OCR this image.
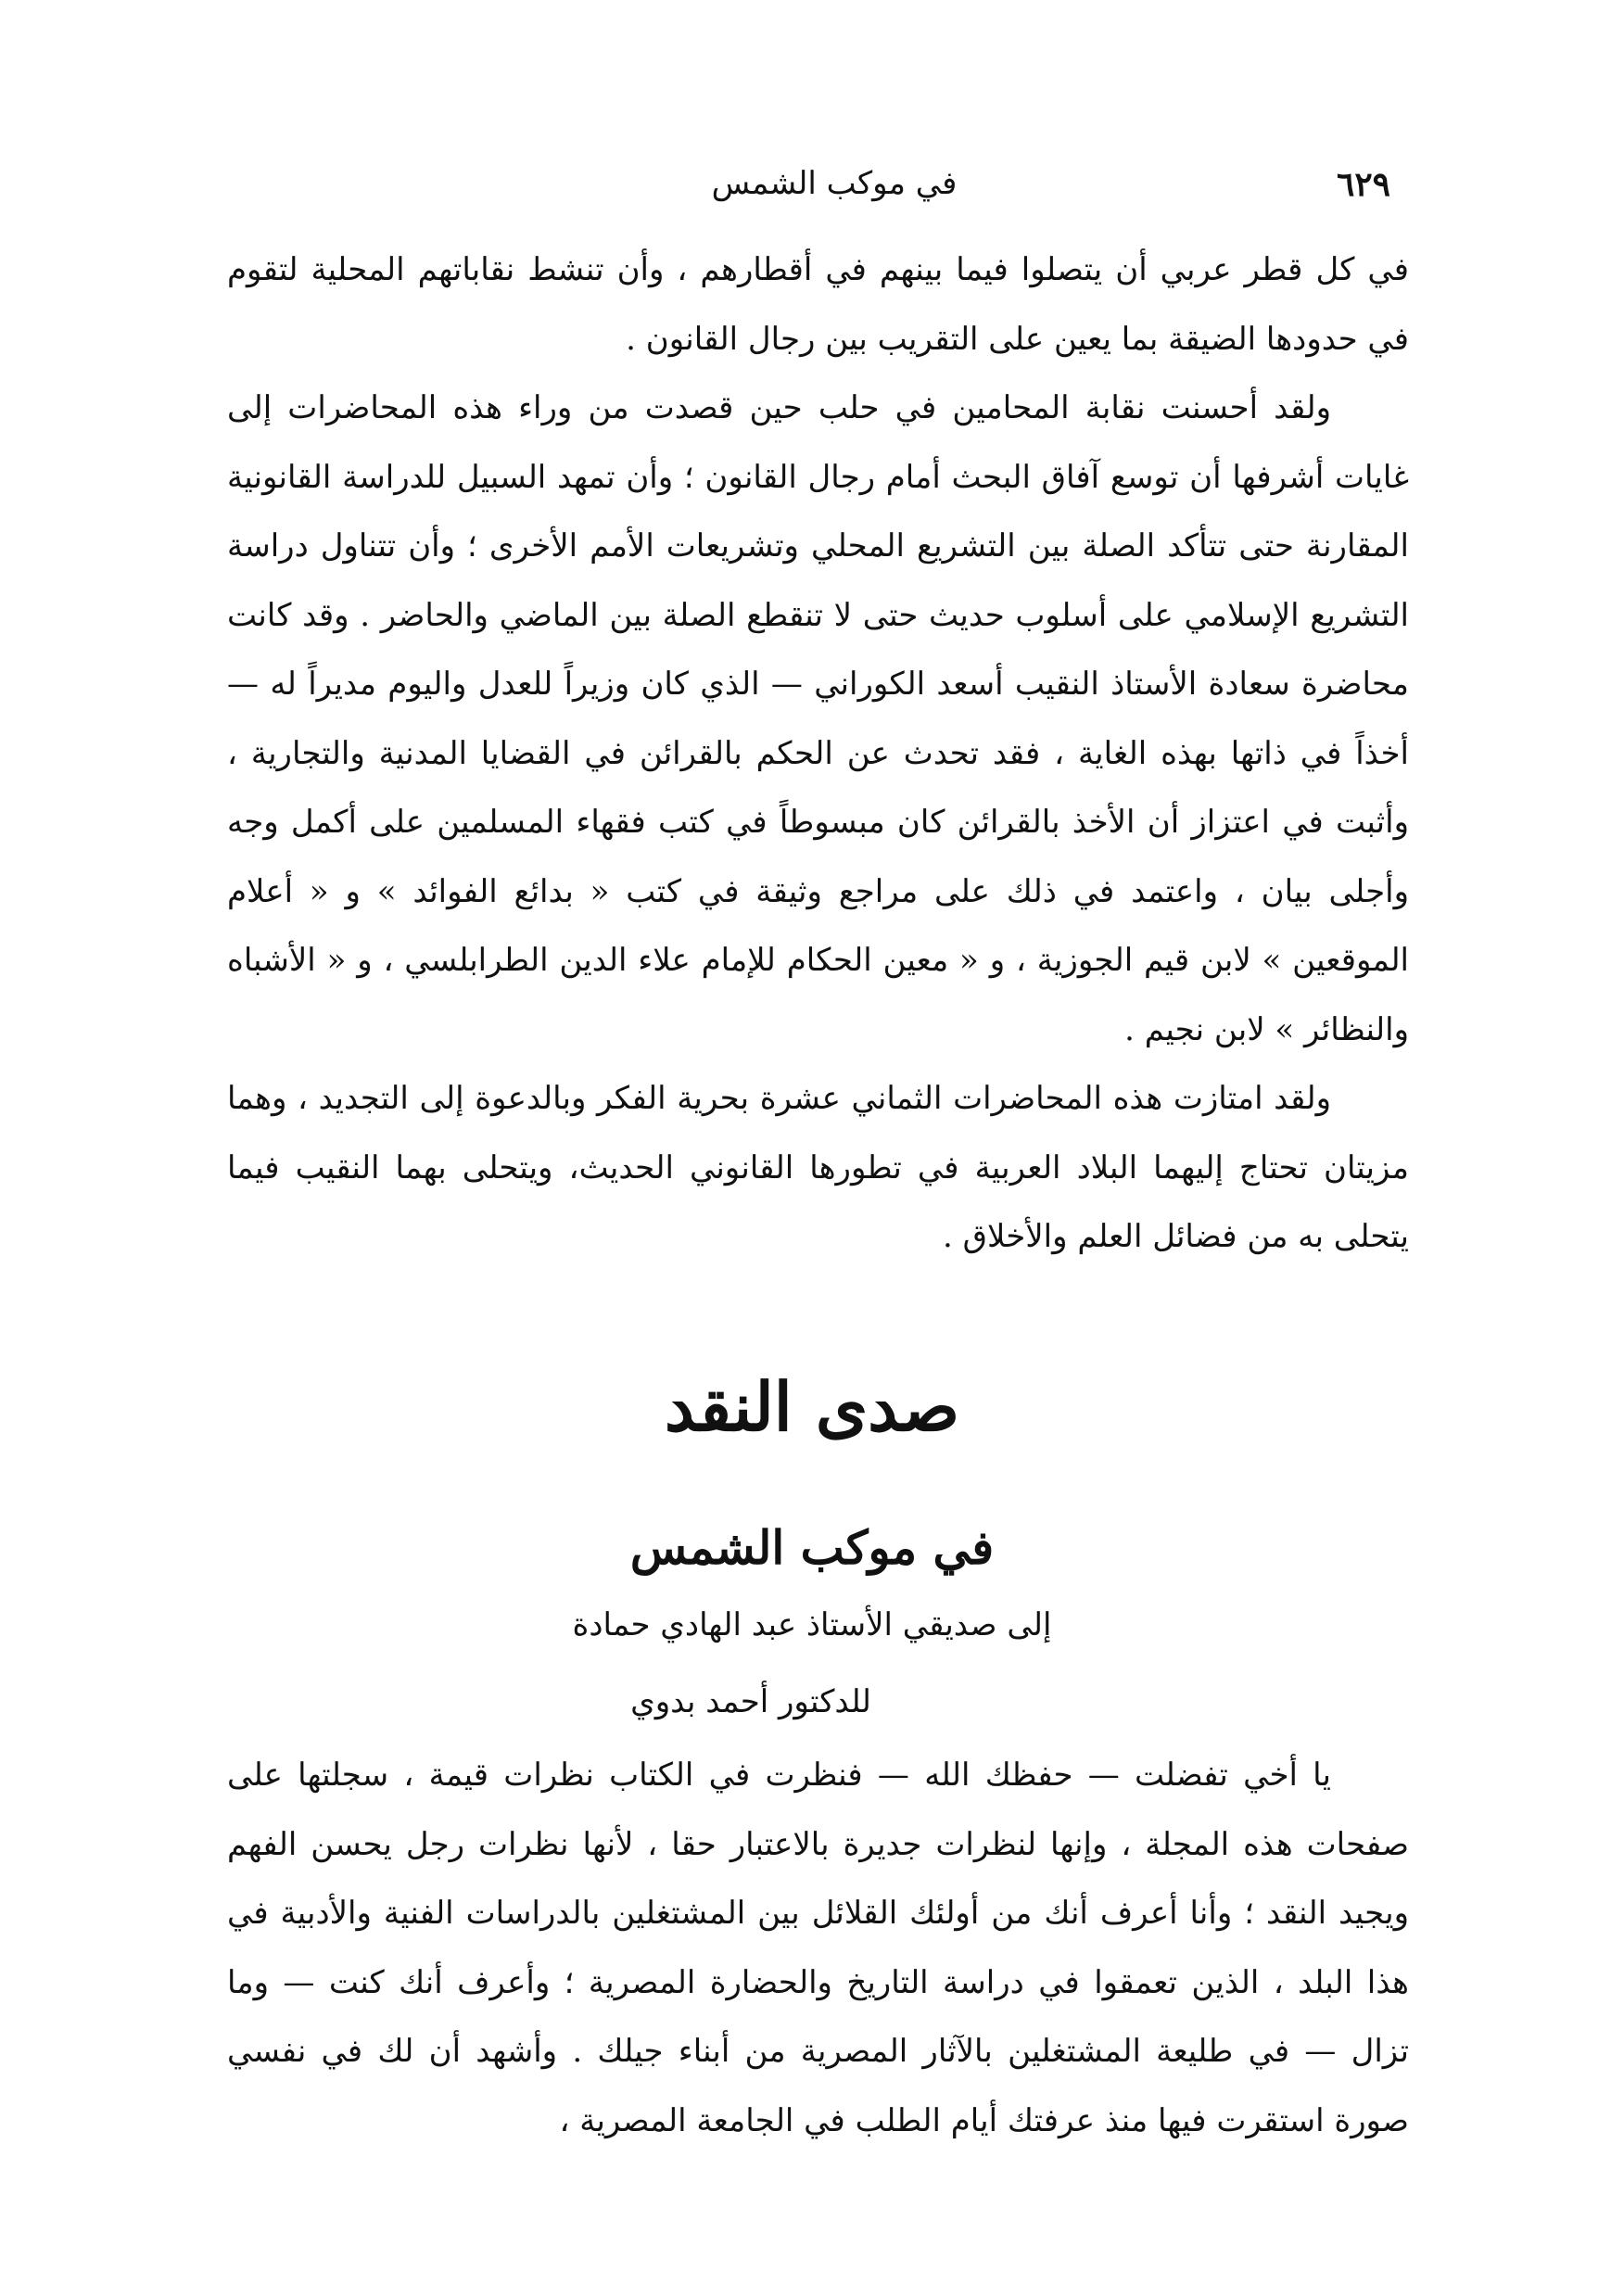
في موكب الشمس	٦٢٩

في كل قطر عربي أن يتصلوا فيما بينهم في أقطارهم ، وأن تنشط نقاباتهم المحلية لتقوم في حدودها الضيقة بما يعين على التقريب بين رجال القانون .

ولقد أحسنت نقابة المحامين في حلب حين قصدت من وراء هذه المحاضرات إلى غايات أشرفها أن توسع آفاق البحث أمام رجال القانون ؛ وأن تمهد السبيل للدراسة القانونية المقارنة حتى تتأكد الصلة بين التشريع المحلي وتشريعات الأمم الأخرى ؛ وأن تتناول دراسة التشريع الإسلامي على أسلوب حديث حتى لا تنقطع الصلة بين الماضي والحاضر . وقد كانت محاضرة سعادة الأستاذ النقيب أسعد الكوراني — الذي كان وزيراً للعدل واليوم مديراً له — أخذاً في ذاتها بهذه الغاية ، فقد تحدث عن الحكم بالقرائن في القضايا المدنية والتجارية ، وأثبت في اعتزاز أن الأخذ بالقرائن كان مبسوطاً في كتب فقهاء المسلمين على أكمل وجه وأجلى بيان ، واعتمد في ذلك على مراجع وثيقة في كتب « بدائع الفوائد » و « أعلام الموقعين » لابن قيم الجوزية ، و « معين الحكام للإمام علاء الدين الطرابلسي ، و « الأشباه والنظائر » لابن نجيم .

ولقد امتازت هذه المحاضرات الثماني عشرة بحرية الفكر وبالدعوة إلى التجديد ، وهما مزيتان تحتاج إليهما البلاد العربية في تطورها القانوني الحديث، ويتحلى بهما النقيب فيما يتحلى به من فضائل العلم والأخلاق .

صدى النقد
في موكب الشمس
إلى صديقي الأستاذ عبد الهادي حمادة
للدكتور أحمد بدوي

يا أخي تفضلت — حفظك الله — فنظرت في الكتاب نظرات قيمة ، سجلتها على صفحات هذه المجلة ، وإنها لنظرات جديرة بالاعتبار حقا ، لأنها نظرات رجل يحسن الفهم ويجيد النقد ؛ وأنا أعرف أنك من أولئك القلائل بين المشتغلين بالدراسات الفنية والأدبية في هذا البلد ، الذين تعمقوا في دراسة التاريخ والحضارة المصرية ؛ وأعرف أنك كنت — وما تزال — في طليعة المشتغلين بالآثار المصرية من أبناء جيلك . وأشهد أن لك في نفسي صورة استقرت فيها منذ عرفتك أيام الطلب في الجامعة المصرية ،
